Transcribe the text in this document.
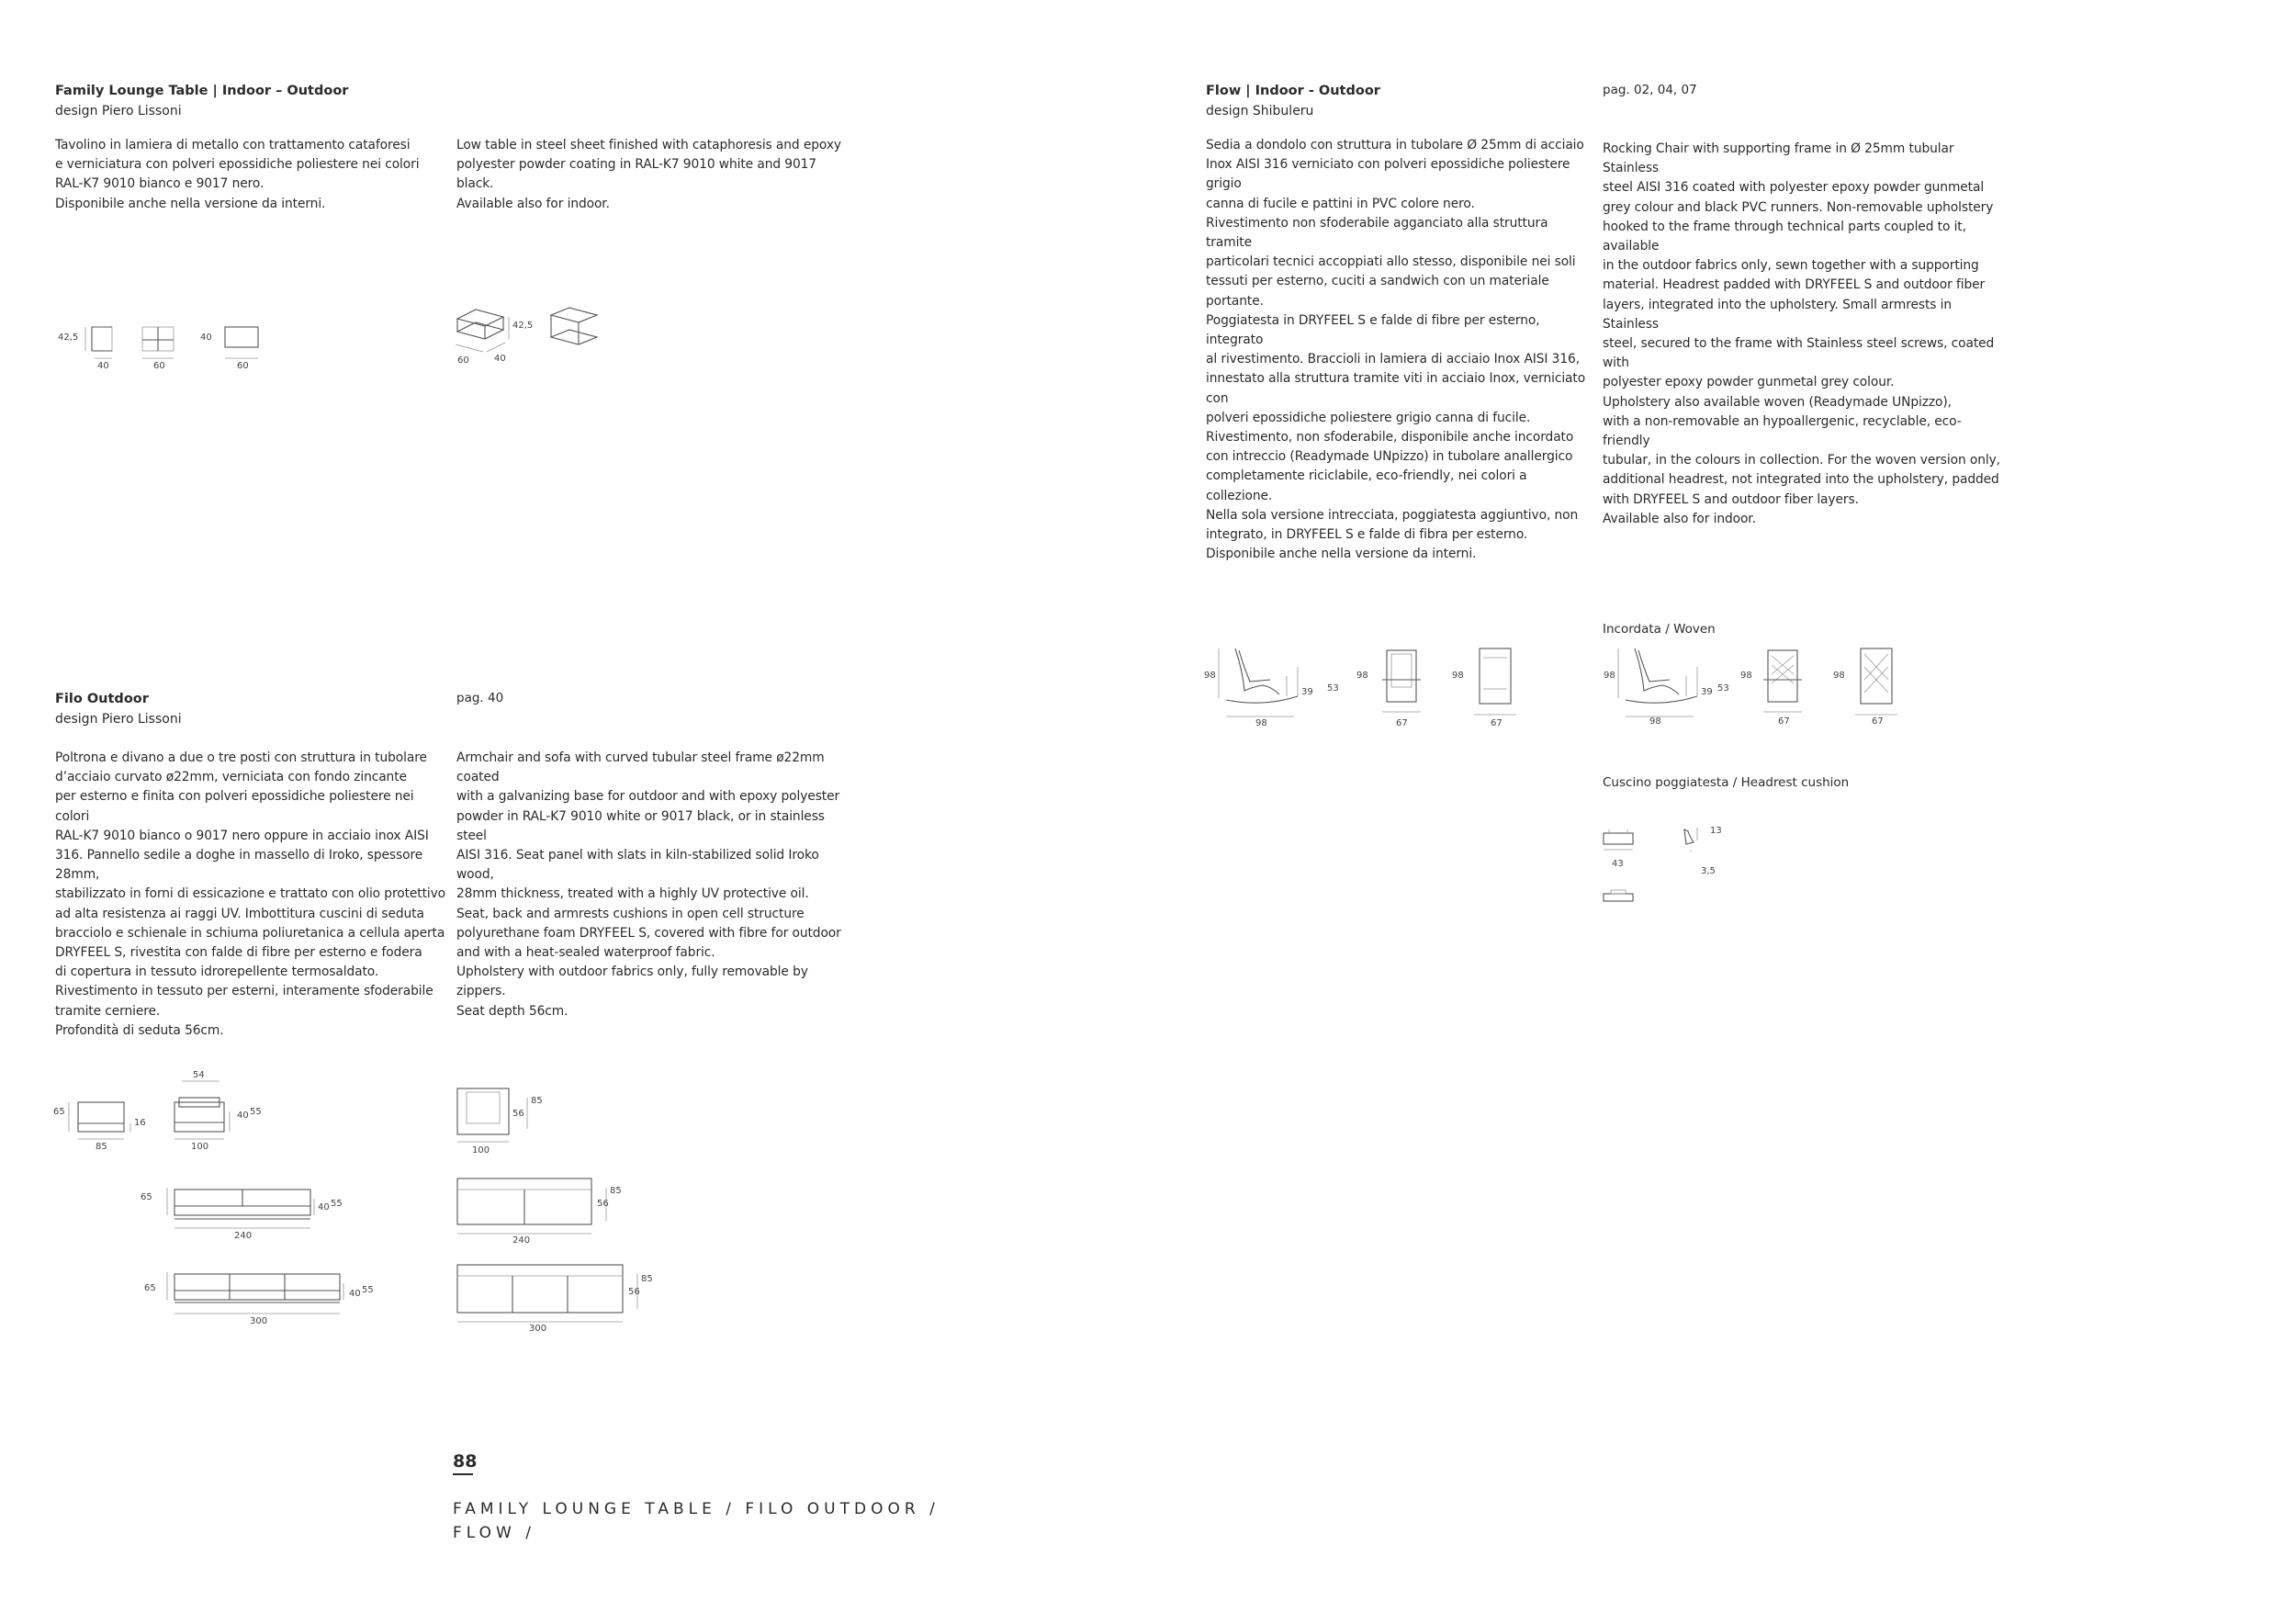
Family Lounge Table | Indoor – Outdoor

design Piero Lissoni

Tavolino in lamiera di metallo con trattamento cataforesi
e verniciatura con polveri epossidiche poliestere nei colori
RAL-K7 9010 bianco e 9017 nero.
Disponibile anche nella versione da interni.

Low table in steel sheet finished with cataphoresis and epoxy
polyester powder coating in RAL-K7 9010 white and 9017 black.
Available also for indoor.

42,5
40	60
40
60
42,5
60	40

Filo Outdoor

design Piero Lissoni

pag. 40

Poltrona e divano a due o tre posti con struttura in tubolare
d’acciaio curvato ø22mm, verniciata con fondo zincante
per esterno e finita con polveri epossidiche poliestere nei colori
RAL-K7 9010 bianco o 9017 nero oppure in acciaio inox AISI
316. Pannello sedile a doghe in massello di Iroko, spessore 28mm,
stabilizzato in forni di essicazione e trattato con olio protettivo
ad alta resistenza ai raggi UV. Imbottitura cuscini di seduta
bracciolo e schienale in schiuma poliuretanica a cellula aperta
DRYFEEL S, rivestita con falde di fibre per esterno e fodera
di copertura in tessuto idrorepellente termosaldato.
Rivestimento in tessuto per esterni, interamente sfoderabile
tramite cerniere.
Profondità di seduta 56cm.

Armchair and sofa with curved tubular steel frame ø22mm coated
with a galvanizing base for outdoor and with epoxy polyester
powder in RAL-K7 9010 white or 9017 black, or in stainless steel
AISI 316. Seat panel with slats in kiln-stabilized solid Iroko wood,
28mm thickness, treated with a highly UV protective oil.
Seat, back and armrests cushions in open cell structure
polyurethane foam DRYFEEL S, covered with fibre for outdoor
and with a heat-sealed waterproof fabric.
Upholstery with outdoor fabrics only, fully removable by zippers.
Seat depth 56cm.

65
85
16
54
100
40 55
65
40 55
240
65
40 55
300
100
56
85
240
56
85
300
56
85

Flow | Indoor - Outdoor

design Shibuleru

pag. 02, 04, 07

Sedia a dondolo con struttura in tubolare Ø 25mm di acciaio
Inox AISI 316 verniciato con polveri epossidiche poliestere grigio
canna di fucile e pattini in PVC colore nero.
Rivestimento non sfoderabile agganciato alla struttura tramite
particolari tecnici accoppiati allo stesso, disponibile nei soli
tessuti per esterno, cuciti a sandwich con un materiale portante.
Poggiatesta in DRYFEEL S e falde di fibre per esterno, integrato
al rivestimento. Braccioli in lamiera di acciaio Inox AISI 316,
innestato alla struttura tramite viti in acciaio Inox, verniciato con
polveri epossidiche poliestere grigio canna di fucile.
Rivestimento, non sfoderabile, disponibile anche incordato
con intreccio (Readymade UNpizzo) in tubolare anallergico
completamente riciclabile, eco-friendly, nei colori a collezione.
Nella sola versione intrecciata, poggiatesta aggiuntivo, non
integrato, in DRYFEEL S e falde di fibra per esterno.
Disponibile anche nella versione da interni.

Rocking Chair with supporting frame in Ø 25mm tubular Stainless
steel AISI 316 coated with polyester epoxy powder gunmetal
grey colour and black PVC runners. Non-removable upholstery
hooked to the frame through technical parts coupled to it, available
in the outdoor fabrics only, sewn together with a supporting
material. Headrest padded with DRYFEEL S and outdoor fiber
layers, integrated into the upholstery. Small armrests in Stainless
steel, secured to the frame with Stainless steel screws, coated with
polyester epoxy powder gunmetal grey colour.
Upholstery also available woven (Readymade UNpizzo),
with a non-removable an hypoallergenic, recyclable, eco-friendly
tubular, in the colours in collection. For the woven version only,
additional headrest, not integrated into the upholstery, padded
with DRYFEEL S and outdoor fiber layers.
Available also for indoor.

98
39 53
98
98
67
98
67
Incordata / Woven
98
39 53
98
98
67
98
67
Cuscino poggiatesta / Headrest cushion
43
13
3,5
88

FAMILY LOUNGE TABLE / FILO OUTDOOR /
FLOW /
